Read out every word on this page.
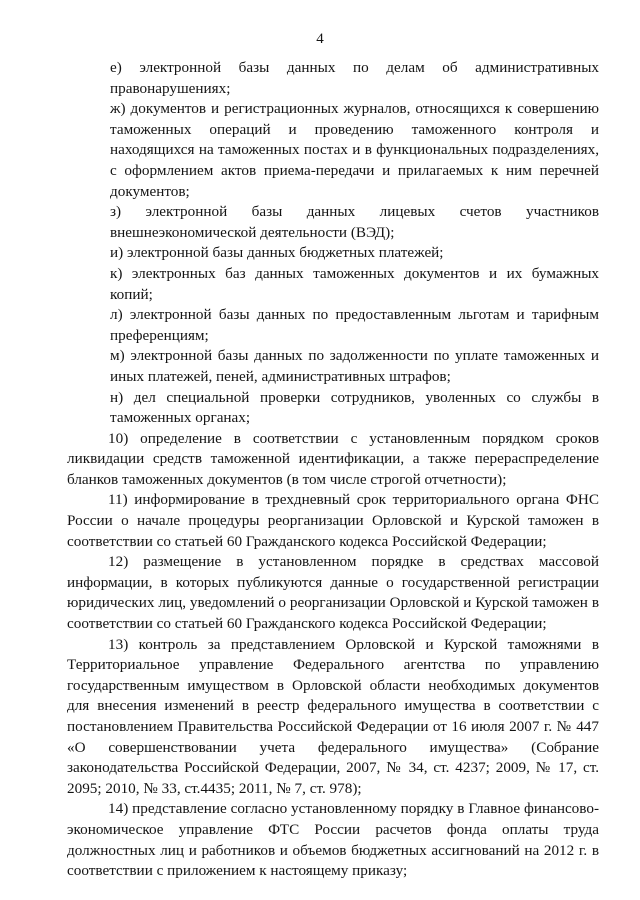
4

е) электронной базы данных по делам об административных правонарушениях;

ж) документов и регистрационных журналов, относящихся к совершению таможенных операций и проведению таможенного контроля и находящихся на таможенных постах и в функциональных подразделениях, с оформлением актов приема-передачи и прилагаемых к ним перечней документов;

з) электронной базы данных лицевых счетов участников внешнеэкономической деятельности (ВЭД);

и) электронной базы данных бюджетных платежей;

к) электронных баз данных таможенных документов и их бумажных копий;

л) электронной базы данных по предоставленным льготам и тарифным преференциям;

м) электронной базы данных по задолженности по уплате таможенных и иных платежей, пеней, административных штрафов;

н) дел специальной проверки сотрудников, уволенных со службы в таможенных органах;

10) определение в соответствии с установленным порядком сроков ликвидации средств таможенной идентификации, а также перераспределение бланков таможенных документов (в том числе строгой отчетности);

11) информирование в трехдневный срок территориального органа ФНС России о начале процедуры реорганизации Орловской и Курской таможен в соответствии со статьей 60 Гражданского кодекса Российской Федерации;

12) размещение в установленном порядке в средствах массовой информации, в которых публикуются данные о государственной регистрации юридических лиц, уведомлений о реорганизации Орловской и Курской таможен в соответствии со статьей 60 Гражданского кодекса Российской Федерации;

13) контроль за представлением Орловской и Курской таможнями в Территориальное управление Федерального агентства по управлению государственным имуществом в Орловской области необходимых документов для внесения изменений в реестр федерального имущества в соответствии с постановлением Правительства Российской Федерации от 16 июля 2007 г. № 447 «О совершенствовании учета федерального имущества» (Собрание законодательства Российской Федерации, 2007, № 34, ст. 4237; 2009, № 17, ст. 2095; 2010, № 33, ст.4435; 2011, № 7, ст. 978);

14) представление согласно установленному порядку в Главное финансово-экономическое управление ФТС России расчетов фонда оплаты труда должностных лиц и работников и объемов бюджетных ассигнований на 2012 г. в соответствии с приложением к настоящему приказу;
